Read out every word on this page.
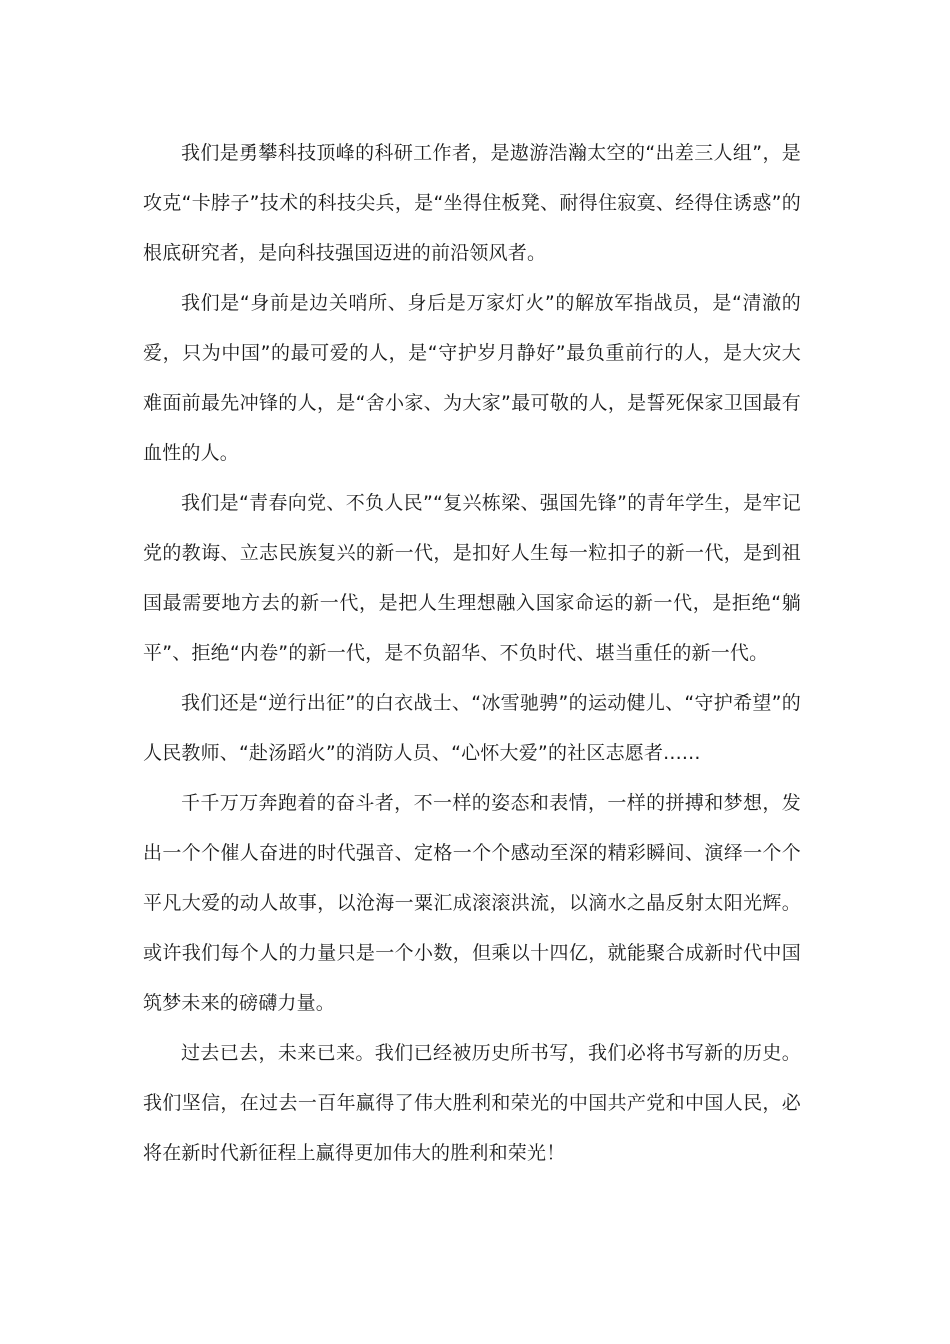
我们是勇攀科技顶峰的科研工作者，是遨游浩瀚太空的“出差三人组”，是攻克“卡脖子”技术的科技尖兵，是“坐得住板凳、耐得住寂寞、经得住诱惑”的根底研究者，是向科技强国迈进的前沿领风者。

我们是“身前是边关哨所、身后是万家灯火”的解放军指战员，是“清澈的爱，只为中国”的最可爱的人，是“守护岁月静好”最负重前行的人，是大灾大难面前最先冲锋的人，是“舍小家、为大家”最可敬的人，是誓死保家卫国最有血性的人。

我们是“青春向党、不负人民”“复兴栋梁、强国先锋”的青年学生，是牢记党的教诲、立志民族复兴的新一代，是扣好人生每一粒扣子的新一代，是到祖国最需要地方去的新一代，是把人生理想融入国家命运的新一代，是拒绝“躺平”、拒绝“内卷”的新一代，是不负韶华、不负时代、堪当重任的新一代。

我们还是“逆行出征”的白衣战士、“冰雪驰骋”的运动健儿、“守护希望”的人民教师、“赴汤蹈火”的消防人员、“心怀大爱”的社区志愿者......

千千万万奔跑着的奋斗者，不一样的姿态和表情，一样的拼搏和梦想，发出一个个催人奋进的时代强音、定格一个个感动至深的精彩瞬间、演绎一个个平凡大爱的动人故事，以沧海一粟汇成滚滚洪流，以滴水之晶反射太阳光辉。或许我们每个人的力量只是一个小数，但乘以十四亿，就能聚合成新时代中国筑梦未来的磅礴力量。

过去已去，未来已来。我们已经被历史所书写，我们必将书写新的历史。我们坚信，在过去一百年赢得了伟大胜利和荣光的中国共产党和中国人民，必将在新时代新征程上赢得更加伟大的胜利和荣光！
